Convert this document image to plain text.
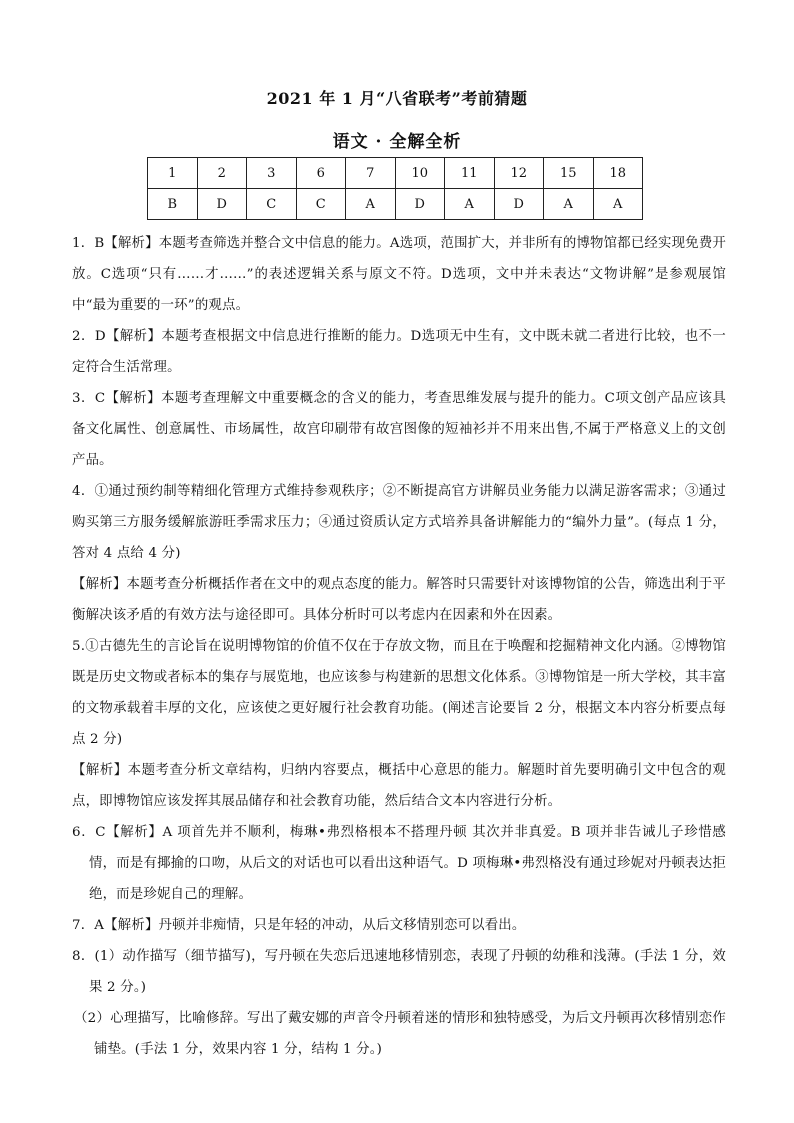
2021 年 1 月“八省联考”考前猜题
语文 · 全解全析
1	2	3	6	7	10	11	12	15	18
B	D	C	C	A	D	A	D	A	A

1．B【解析】本题考查筛选并整合文中信息的能力。A选项，范围扩大，并非所有的博物馆都已经实现免费开放。C选项“只有……才……”的表述逻辑关系与原文不符。D选项，文中并未表达“文物讲解”是参观展馆中“最为重要的一环”的观点。

2．D【解析】本题考查根据文中信息进行推断的能力。D选项无中生有，文中既未就二者进行比较，也不一定符合生活常理。

3．C【解析】本题考查理解文中重要概念的含义的能力，考查思维发展与提升的能力。C项文创产品应该具备文化属性、创意属性、市场属性，故宫印刷带有故宫图像的短袖衫并不用来出售,不属于严格意义上的文创产品。

4．①通过预约制等精细化管理方式维持参观秩序；②不断提高官方讲解员业务能力以满足游客需求；③通过购买第三方服务缓解旅游旺季需求压力；④通过资质认定方式培养具备讲解能力的“编外力量”。(每点 1 分，答对 4 点给 4 分)

【解析】本题考查分析概括作者在文中的观点态度的能力。解答时只需要针对该博物馆的公告，筛选出利于平衡解决该矛盾的有效方法与途径即可。具体分析时可以考虑内在因素和外在因素。

5.①古德先生的言论旨在说明博物馆的价值不仅在于存放文物，而且在于唤醒和挖掘精神文化内涵。②博物馆既是历史文物或者标本的集存与展览地，也应该参与构建新的思想文化体系。③博物馆是一所大学校，其丰富的文物承载着丰厚的文化，应该使之更好履行社会教育功能。(阐述言论要旨 2 分，根据文本内容分析要点每点 2 分)

【解析】本题考查分析文章结构，归纳内容要点，概括中心意思的能力。解题时首先要明确引文中包含的观点，即博物馆应该发挥其展品储存和社会教育功能，然后结合文本内容进行分析。

6．C【解析】A 项首先并不顺利，梅琳•弗烈格根本不搭理丹顿 其次并非真爱。B 项并非告诫儿子珍惜感情，而是有揶揄的口吻，从后文的对话也可以看出这种语气。D 项梅琳•弗烈格没有通过珍妮对丹顿表达拒绝，而是珍妮自己的理解。

7．A【解析】丹顿并非痴情，只是年轻的冲动，从后文移情别恋可以看出。

8．(1）动作描写（细节描写)，写丹顿在失恋后迅速地移情别恋，表现了丹顿的幼稚和浅薄。(手法 1 分，效果 2 分。)

（2）心理描写，比喻修辞。写出了戴安娜的声音令丹顿着迷的情形和独特感受，为后文丹顿再次移情别恋作铺垫。(手法 1 分，效果内容 1 分，结构 1 分。)
